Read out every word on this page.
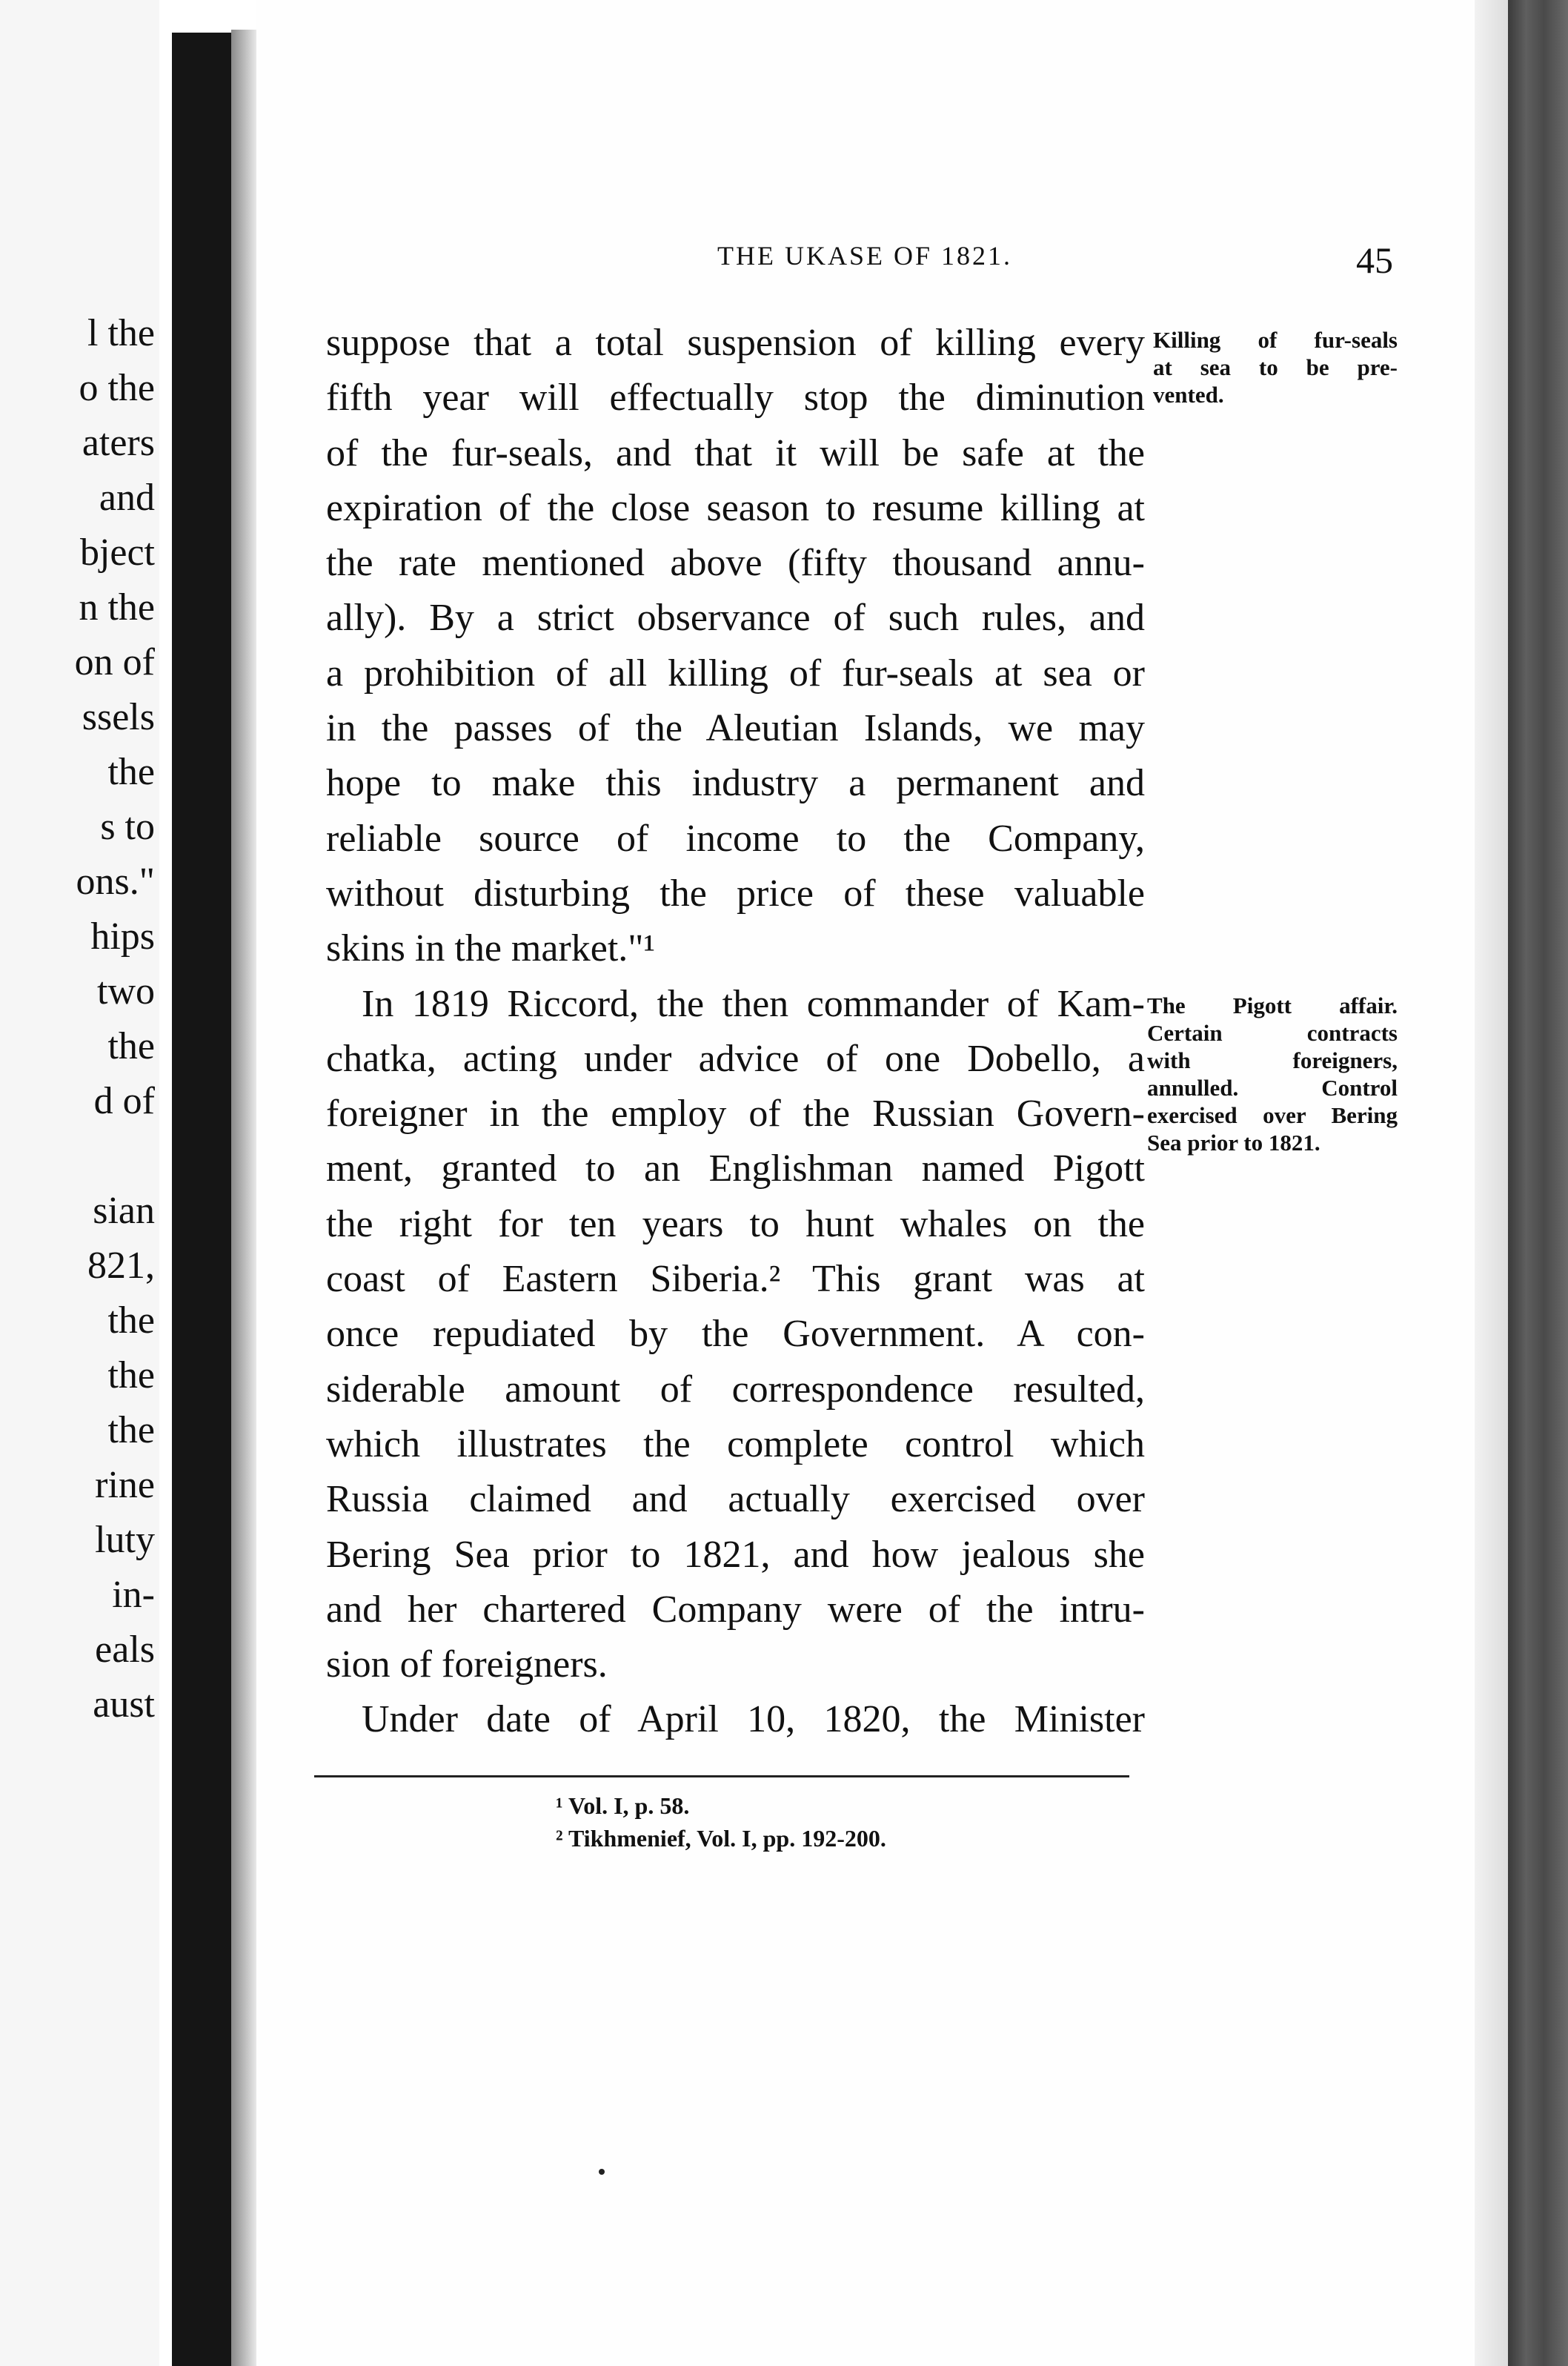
l the
o the
aters
and
bject
n the
on of
ssels
the
s to
ons."
hips
two
the
d of
sian
821,
the
the
the
rine
luty
in-
eals
aust
THE UKASE OF 1821.	45
suppose that a total suspension of killing every
fifth year will effectually stop the diminution
of the fur-seals, and that it will be safe at the
expiration of the close season to resume killing at
the rate mentioned above (fifty thousand annu-
ally). By a strict observance of such rules, and
a prohibition of all killing of fur-seals at sea or
in the passes of the Aleutian Islands, we may
hope to make this industry a permanent and
reliable source of income to the Company,
without disturbing the price of these valuable
skins in the market."¹
In 1819 Riccord, the then commander of Kam-
chatka, acting under advice of one Dobello, a
foreigner in the employ of the Russian Govern-
ment, granted to an Englishman named Pigott
the right for ten years to hunt whales on the
coast of Eastern Siberia.² This grant was at
once repudiated by the Government. A con-
siderable amount of correspondence resulted,
which illustrates the complete control which
Russia claimed and actually exercised over
Bering Sea prior to 1821, and how jealous she
and her chartered Company were of the intru-
sion of foreigners.
Under date of April 10, 1820, the Minister
Killing of fur-seals
at sea to be pre-
vented.
The Pigott affair.
Certain contracts
with foreigners,
annulled. Control
exercised over Bering
Sea prior to 1821.
¹ Vol. I, p. 58.
² Tikhmenief, Vol. I, pp. 192-200.
